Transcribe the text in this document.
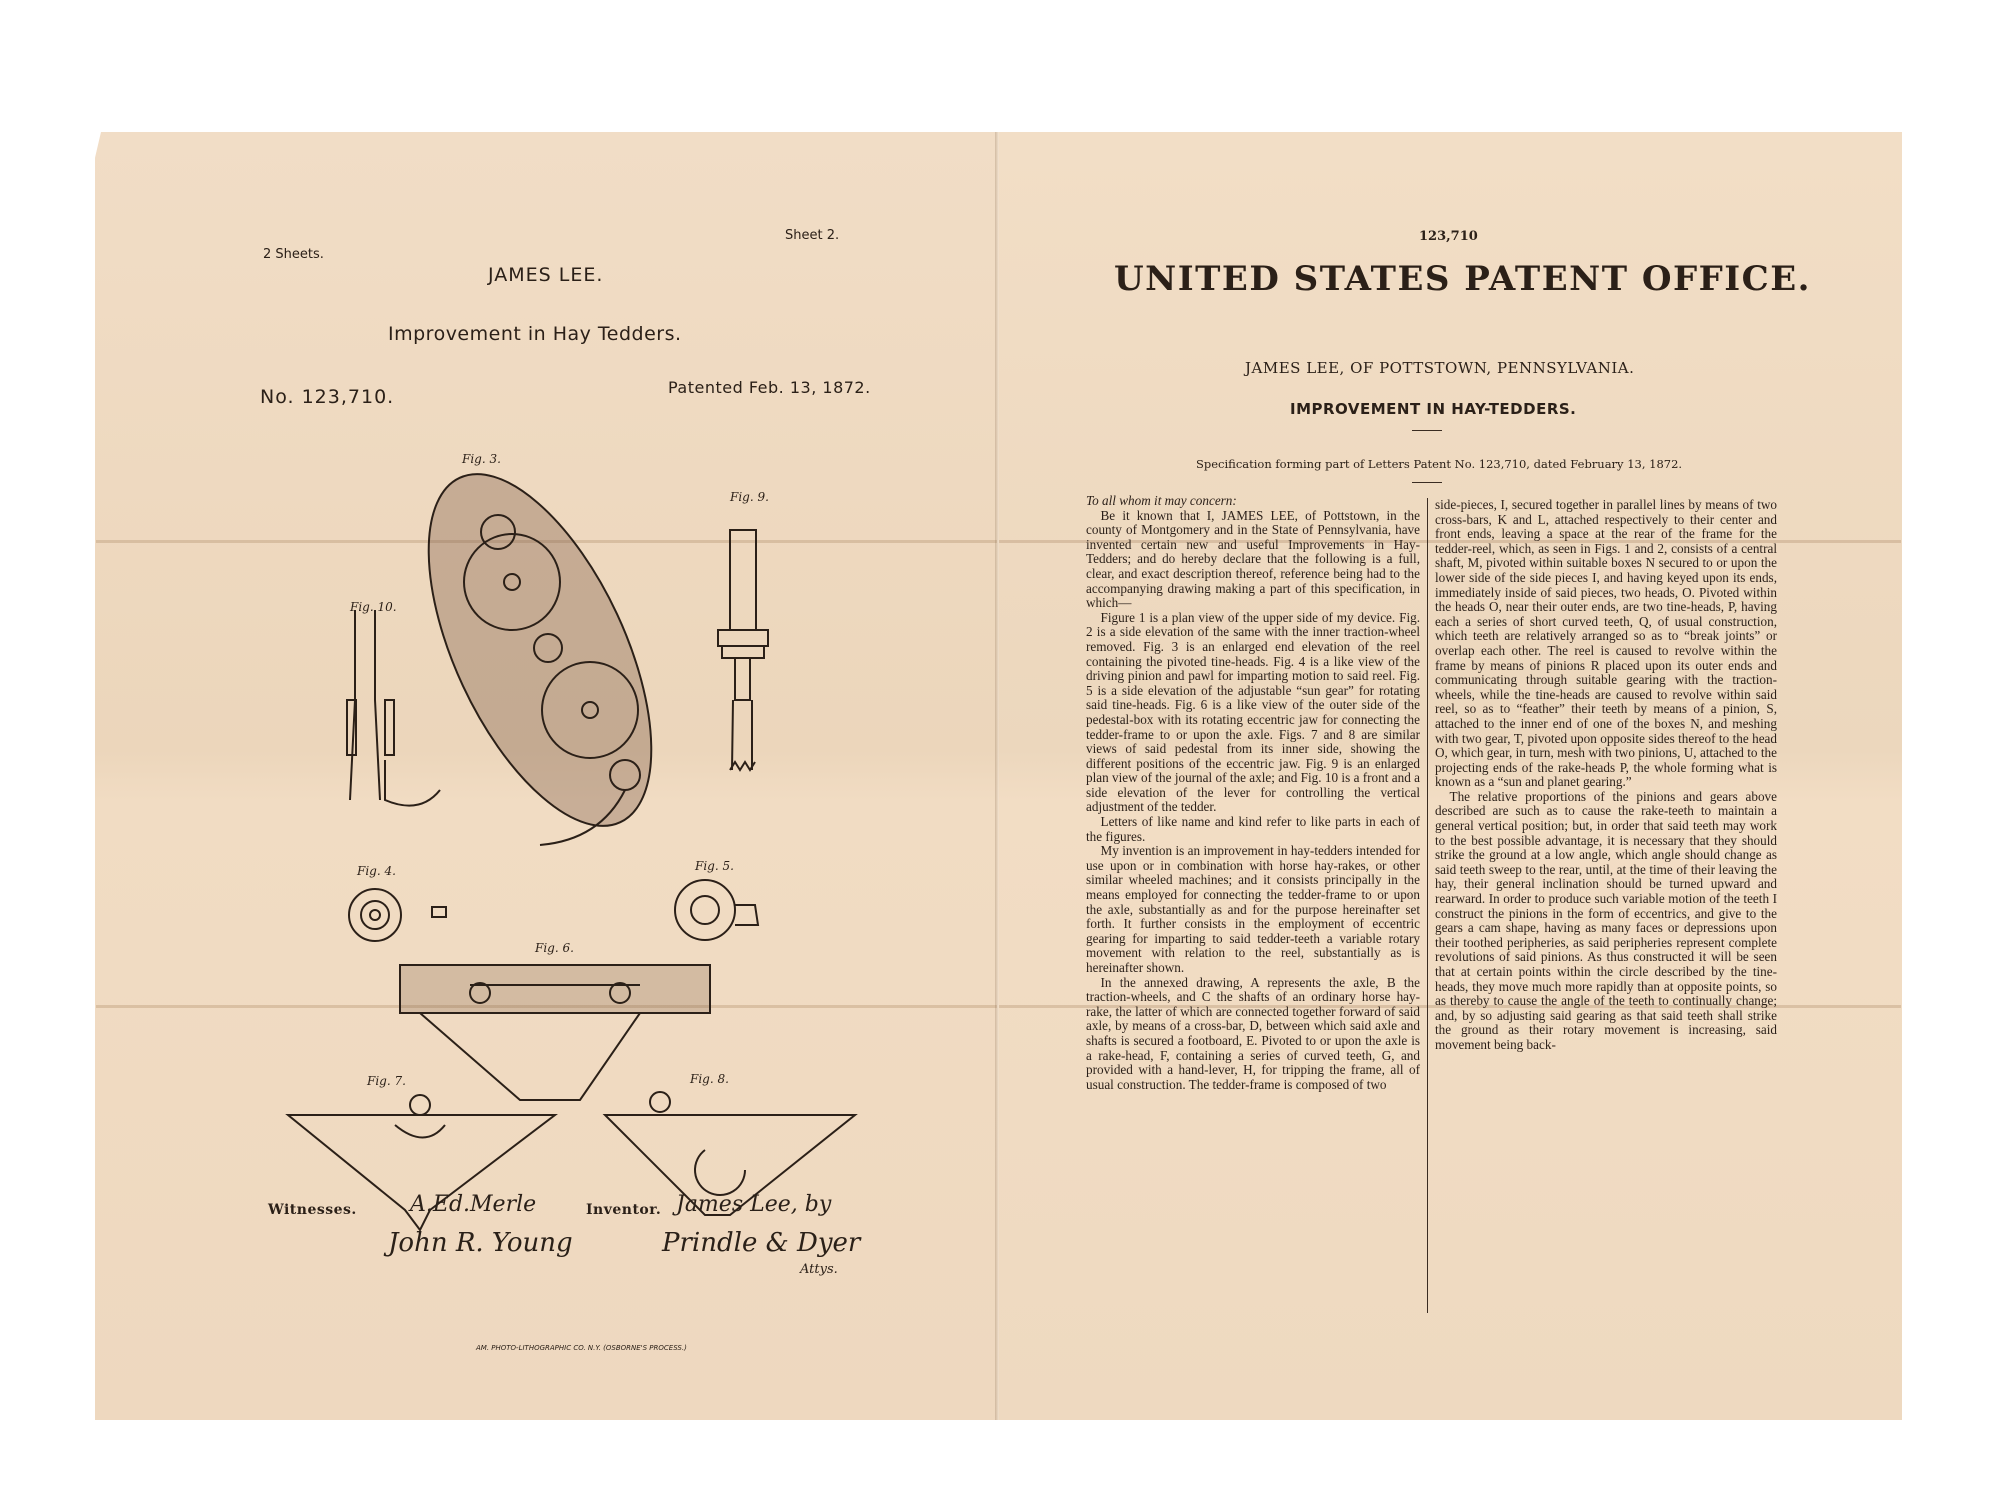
2 Sheets.
Sheet 2.
JAMES LEE.
Improvement in Hay Tedders.
No. 123,710.	Patented Feb. 13, 1872.
Fig. 3.
Fig. 9.
Fig. 10.
Fig. 4.	Fig. 5.
Fig. 6.
Fig. 7.	Fig. 8.
Witnesses.	Inventor.
A.Ed.Merle
John R. Young
James Lee, by
Prindle & Dyer
Attys.
AM. PHOTO-LITHOGRAPHIC CO. N.Y. (OSBORNE'S PROCESS.)
123,710
UNITED STATES PATENT OFFICE.
JAMES LEE, OF POTTSTOWN, PENNSYLVANIA.
IMPROVEMENT IN HAY-TEDDERS.
Specification forming part of Letters Patent No. 123,710, dated February 13, 1872.

To all whom it may concern:

Be it known that I, JAMES LEE, of Pottstown, in the county of Montgomery and in the State of Pennsylvania, have invented certain new and useful Improvements in Hay-Tedders; and do hereby declare that the following is a full, clear, and exact description thereof, reference being had to the accompanying drawing making a part of this specification, in which—

Figure 1 is a plan view of the upper side of my device. Fig. 2 is a side elevation of the same with the inner traction-wheel removed. Fig. 3 is an enlarged end elevation of the reel containing the pivoted tine-heads. Fig. 4 is a like view of the driving pinion and pawl for imparting motion to said reel. Fig. 5 is a side elevation of the adjustable “sun gear” for rotating said tine-heads. Fig. 6 is a like view of the outer side of the pedestal-box with its rotating eccentric jaw for connecting the tedder-frame to or upon the axle. Figs. 7 and 8 are similar views of said pedestal from its inner side, showing the different positions of the eccentric jaw. Fig. 9 is an enlarged plan view of the journal of the axle; and Fig. 10 is a front and a side elevation of the lever for controlling the vertical adjustment of the tedder.

Letters of like name and kind refer to like parts in each of the figures.

My invention is an improvement in hay-tedders intended for use upon or in combination with horse hay-rakes, or other similar wheeled machines; and it consists principally in the means employed for connecting the tedder-frame to or upon the axle, substantially as and for the purpose hereinafter set forth. It further consists in the employment of eccentric gearing for imparting to said tedder-teeth a variable rotary movement with relation to the reel, substantially as is hereinafter shown.

In the annexed drawing, A represents the axle, B the traction-wheels, and C the shafts of an ordinary horse hay-rake, the latter of which are connected together forward of said axle, by means of a cross-bar, D, between which said axle and shafts is secured a footboard, E. Pivoted to or upon the axle is a rake-head, F, containing a series of curved teeth, G, and provided with a hand-lever, H, for tripping the frame, all of usual construction. The tedder-frame is composed of two

side-pieces, I, secured together in parallel lines by means of two cross-bars, K and L, attached respectively to their center and front ends, leaving a space at the rear of the frame for the tedder-reel, which, as seen in Figs. 1 and 2, consists of a central shaft, M, pivoted within suitable boxes N secured to or upon the lower side of the side pieces I, and having keyed upon its ends, immediately inside of said pieces, two heads, O. Pivoted within the heads O, near their outer ends, are two tine-heads, P, having each a series of short curved teeth, Q, of usual construction, which teeth are relatively arranged so as to “break joints” or overlap each other. The reel is caused to revolve within the frame by means of pinions R placed upon its outer ends and communicating through suitable gearing with the traction-wheels, while the tine-heads are caused to revolve within said reel, so as to “feather” their teeth by means of a pinion, S, attached to the inner end of one of the boxes N, and meshing with two gear, T, pivoted upon opposite sides thereof to the head O, which gear, in turn, mesh with two pinions, U, attached to the projecting ends of the rake-heads P, the whole forming what is known as a “sun and planet gearing.”

The relative proportions of the pinions and gears above described are such as to cause the rake-teeth to maintain a general vertical position; but, in order that said teeth may work to the best possible advantage, it is necessary that they should strike the ground at a low angle, which angle should change as said teeth sweep to the rear, until, at the time of their leaving the hay, their general inclination should be turned upward and rearward. In order to produce such variable motion of the teeth I construct the pinions in the form of eccentrics, and give to the gears a cam shape, having as many faces or depressions upon their toothed peripheries, as said peripheries represent complete revolutions of said pinions. As thus constructed it will be seen that at certain points within the circle described by the tine-heads, they move much more rapidly than at opposite points, so as thereby to cause the angle of the teeth to continually change; and, by so adjusting said gearing as that said teeth shall strike the ground as their rotary movement is increasing, said movement being back-
